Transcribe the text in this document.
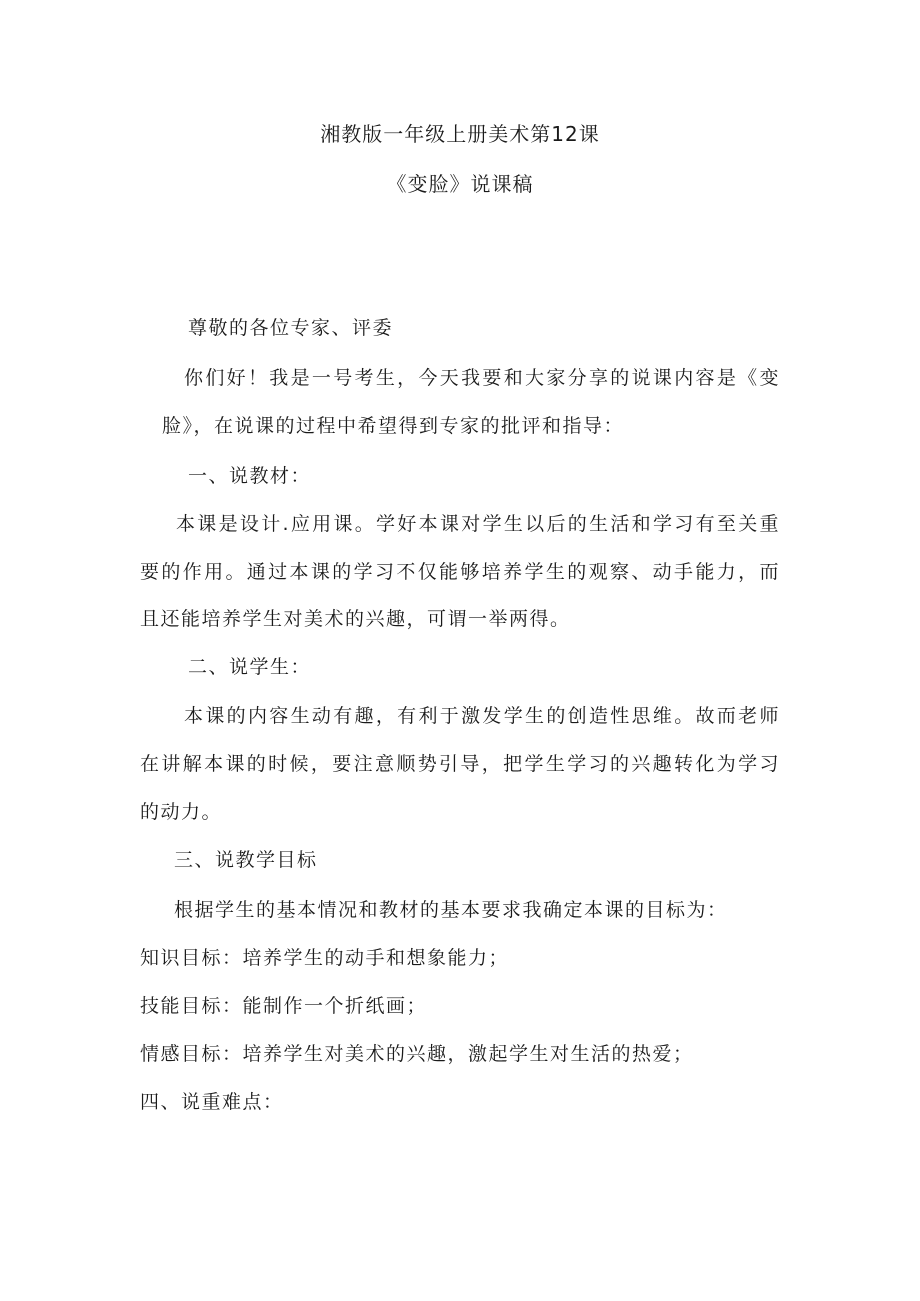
湘教版一年级上册美术第12课
《变脸》说课稿
尊敬的各位专家、评委
你们好！我是一号考生，今天我要和大家分享的说课内容是《变
脸》，在说课的过程中希望得到专家的批评和指导：
一、说教材：
本课是设计.应用课。学好本课对学生以后的生活和学习有至关重
要的作用。通过本课的学习不仅能够培养学生的观察、动手能力，而
且还能培养学生对美术的兴趣，可谓一举两得。
二、说学生：
本课的内容生动有趣，有利于激发学生的创造性思维。故而老师
在讲解本课的时候，要注意顺势引导，把学生学习的兴趣转化为学习
的动力。
三、说教学目标
根据学生的基本情况和教材的基本要求我确定本课的目标为：
知识目标：培养学生的动手和想象能力；
技能目标：能制作一个折纸画；
情感目标：培养学生对美术的兴趣，激起学生对生活的热爱；
四、说重难点：
